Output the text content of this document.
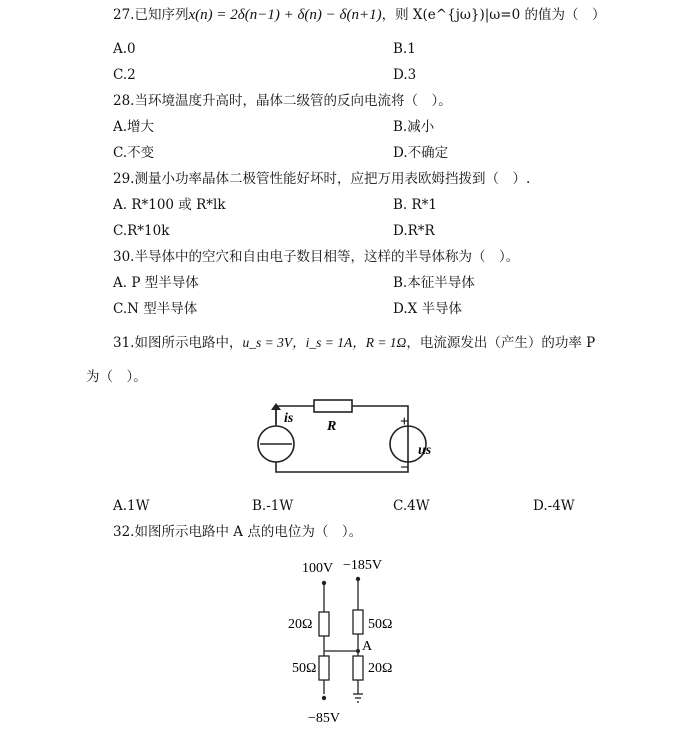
27.已知序列x(n) = 2δ(n−1) + δ(n) − δ(n+1)，则 X(e^{jω})|ω=0 的值为（　）
A.0	B.1
C.2	D.3
28.当环境温度升高时，晶体二级管的反向电流将（　）。
A.增大	B.减小
C.不变	D.不确定
29.测量小功率晶体二极管性能好坏时，应把万用表欧姆挡拨到（　）.
A. R*100 或 R*lk	B. R*1
C.R*10k	D.R*R
30.半导体中的空穴和自由电子数目相等，这样的半导体称为（　）。
A. P 型半导体	B.本征半导体
C.N 型半导体	D.X 半导体
31.如图所示电路中，u_s = 3V，i_s = 1A，R = 1Ω，电流源发出（产生）的功率 P
为（　）。
is
R	+
−
us
A.1W	B.-1W	C.4W	D.-4W
32.如图所示电路中 A 点的电位为（　）。
100V −185V
20Ω	50Ω
A
50Ω	20Ω
−85V
